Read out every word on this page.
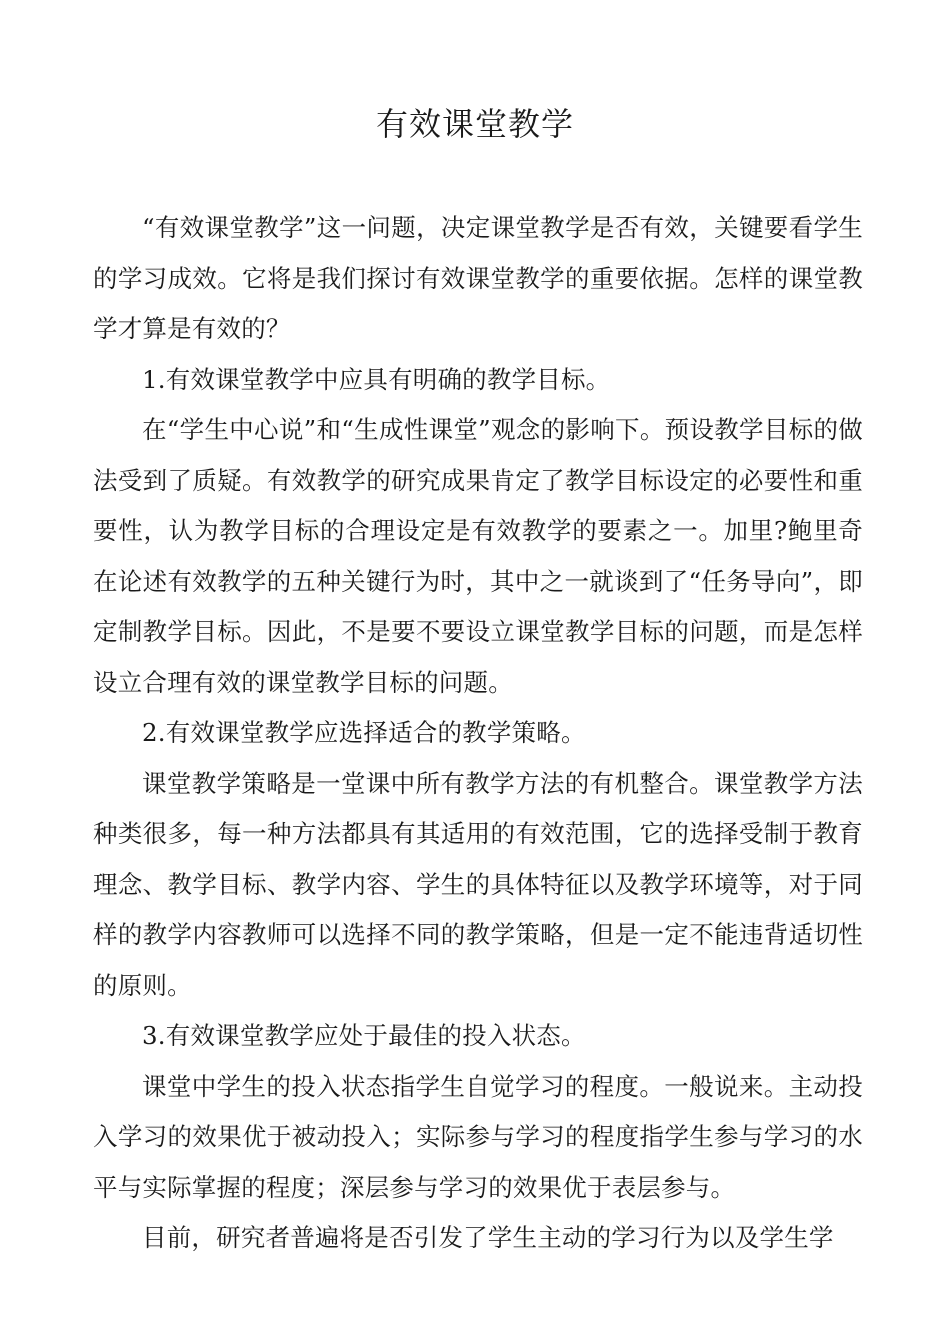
有效课堂教学

“有效课堂教学”这一问题，决定课堂教学是否有效，关键要看学生的学习成效。它将是我们探讨有效课堂教学的重要依据。怎样的课堂教学才算是有效的？

1.有效课堂教学中应具有明确的教学目标。

在“学生中心说”和“生成性课堂”观念的影响下。预设教学目标的做法受到了质疑。有效教学的研究成果肯定了教学目标设定的必要性和重要性，认为教学目标的合理设定是有效教学的要素之一。加里?鲍里奇在论述有效教学的五种关键行为时，其中之一就谈到了“任务导向”，即定制教学目标。因此，不是要不要设立课堂教学目标的问题，而是怎样设立合理有效的课堂教学目标的问题。

2.有效课堂教学应选择适合的教学策略。

课堂教学策略是一堂课中所有教学方法的有机整合。课堂教学方法种类很多，每一种方法都具有其适用的有效范围，它的选择受制于教育理念、教学目标、教学内容、学生的具体特征以及教学环境等，对于同样的教学内容教师可以选择不同的教学策略，但是一定不能违背适切性的原则。

3.有效课堂教学应处于最佳的投入状态。

课堂中学生的投入状态指学生自觉学习的程度。一般说来。主动投入学习的效果优于被动投入；实际参与学习的程度指学生参与学习的水平与实际掌握的程度；深层参与学习的效果优于表层参与。

目前，研究者普遍将是否引发了学生主动的学习行为以及学生学
